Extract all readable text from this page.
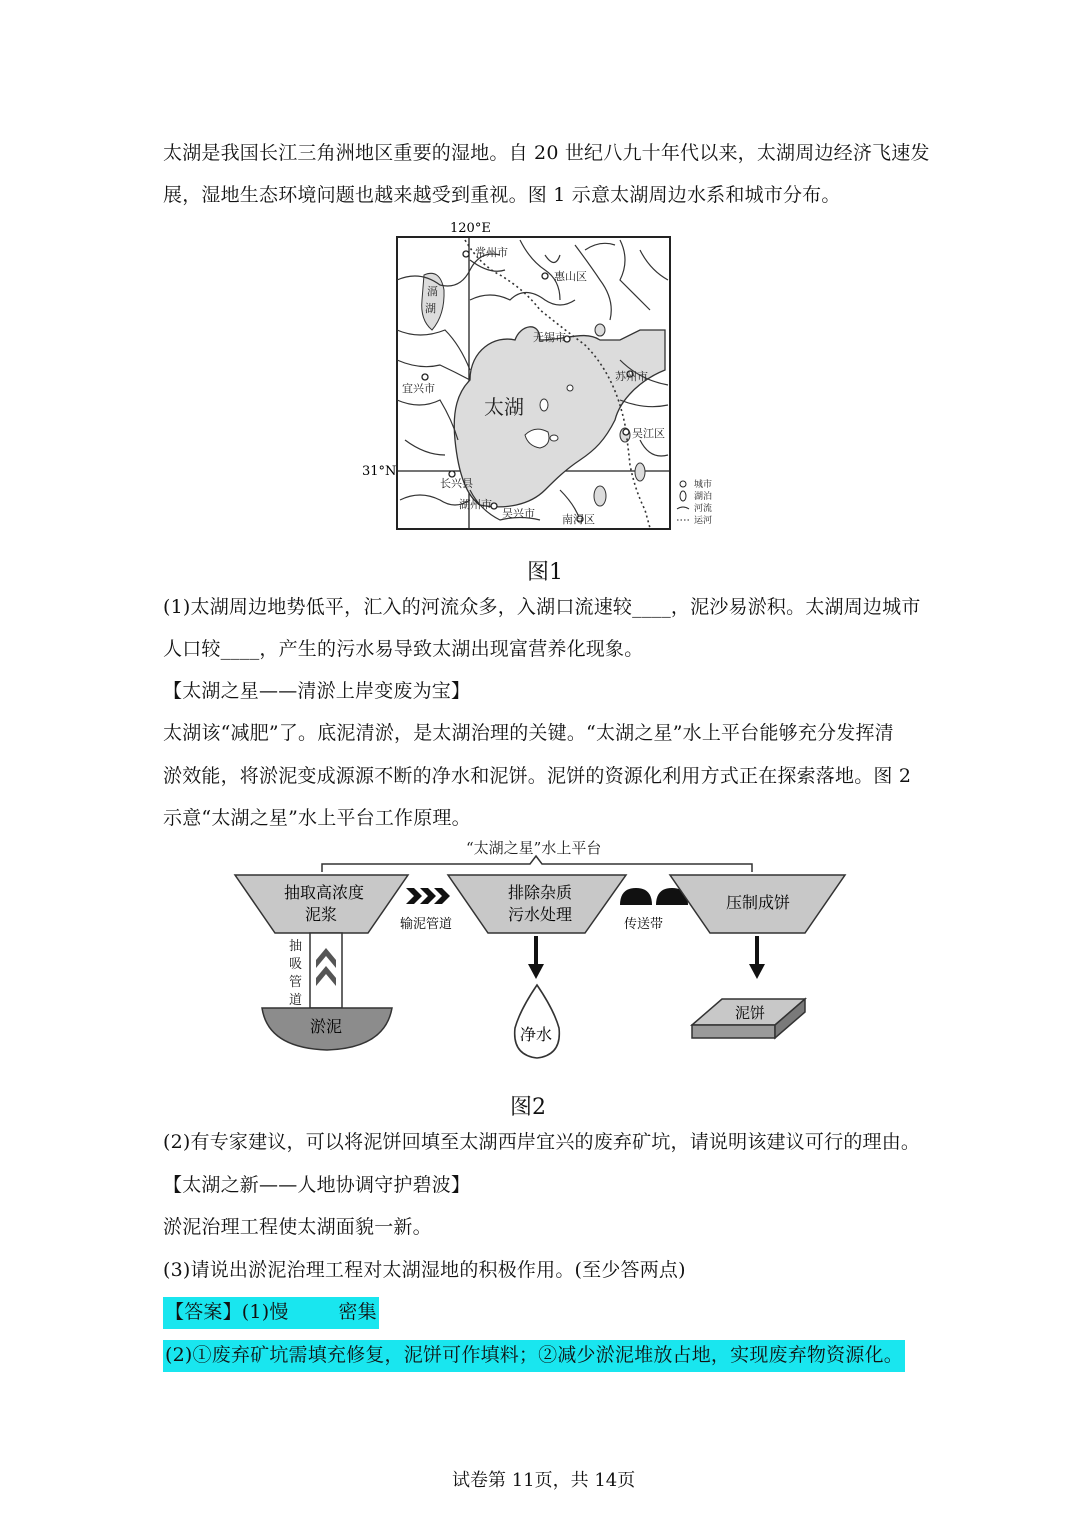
太湖是我国长江三角洲地区重要的湿地。自 20 世纪八九十年代以来，太湖周边经济飞速发
展，湿地生态环境问题也越来越受到重视。图 1 示意太湖周边水系和城市分布。
120°E
31°N
太湖
常州市
惠山区
无锡市
苏州市
宜兴市
吴江区
长兴县
湖州市
吴兴市 南浔区
滆
湖
城市
湖泊
河流
运河
图1
(1)太湖周边地势低平，汇入的河流众多，入湖口流速较____，泥沙易淤积。太湖周边城市
人口较____，产生的污水易导致太湖出现富营养化现象。
【太湖之星——清淤上岸变废为宝】
太湖该“减肥”了。底泥清淤，是太湖治理的关键。“太湖之星”水上平台能够充分发挥清
淤效能，将淤泥变成源源不断的净水和泥饼。泥饼的资源化利用方式正在探索落地。图 2
示意“太湖之星”水上平台工作原理。
“太湖之星”水上平台
抽取高浓度
泥浆
输泥管道
排除杂质
污水处理
传送带
压制成饼
抽
吸
管
道
淤泥	净水
泥饼
图2
(2)有专家建议，可以将泥饼回填至太湖西岸宜兴的废弃矿坑，请说明该建议可行的理由。
【太湖之新——人地协调守护碧波】
淤泥治理工程使太湖面貌一新。
(3)请说出淤泥治理工程对太湖湿地的积极作用。(至少答两点)
【答案】(1)慢        密集
(2)①废弃矿坑需填充修复，泥饼可作填料；②减少淤泥堆放占地，实现废弃物资源化。
试卷第 11页，共 14页
